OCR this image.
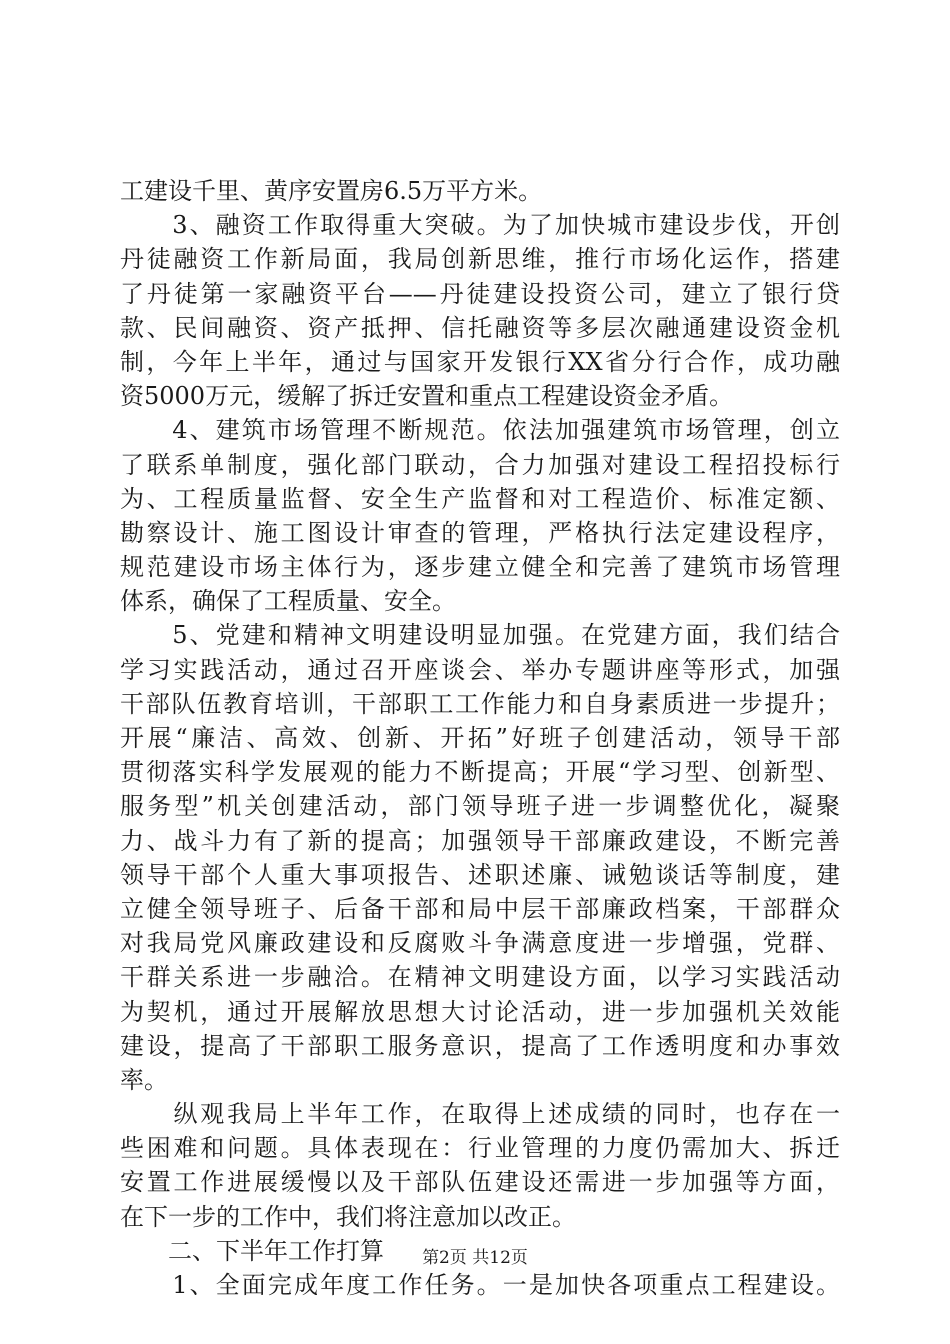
工建设千里、黄序安置房6.5万平方米。
　　3、融资工作取得重大突破。为了加快城市建设步伐，开创
丹徒融资工作新局面，我局创新思维，推行市场化运作，搭建
了丹徒第一家融资平台——丹徒建设投资公司，建立了银行贷
款、民间融资、资产抵押、信托融资等多层次融通建设资金机
制，今年上半年，通过与国家开发银行XX省分行合作，成功融
资5000万元，缓解了拆迁安置和重点工程建设资金矛盾。
　　4、建筑市场管理不断规范。依法加强建筑市场管理，创立
了联系单制度，强化部门联动，合力加强对建设工程招投标行
为、工程质量监督、安全生产监督和对工程造价、标准定额、
勘察设计、施工图设计审查的管理，严格执行法定建设程序，
规范建设市场主体行为，逐步建立健全和完善了建筑市场管理
体系，确保了工程质量、安全。
　　5、党建和精神文明建设明显加强。在党建方面，我们结合
学习实践活动，通过召开座谈会、举办专题讲座等形式，加强
干部队伍教育培训，干部职工工作能力和自身素质进一步提升；
开展“廉洁、高效、创新、开拓”好班子创建活动，领导干部
贯彻落实科学发展观的能力不断提高；开展“学习型、创新型、
服务型”机关创建活动，部门领导班子进一步调整优化，凝聚
力、战斗力有了新的提高；加强领导干部廉政建设，不断完善
领导干部个人重大事项报告、述职述廉、诫勉谈话等制度，建
立健全领导班子、后备干部和局中层干部廉政档案，干部群众
对我局党风廉政建设和反腐败斗争满意度进一步增强，党群、
干群关系进一步融洽。在精神文明建设方面，以学习实践活动
为契机，通过开展解放思想大讨论活动，进一步加强机关效能
建设，提高了干部职工服务意识，提高了工作透明度和办事效
率。
　　纵观我局上半年工作，在取得上述成绩的同时，也存在一
些困难和问题。具体表现在：行业管理的力度仍需加大、拆迁
安置工作进展缓慢以及干部队伍建设还需进一步加强等方面，
在下一步的工作中，我们将注意加以改正。
　　二、下半年工作打算
　　1、全面完成年度工作任务。一是加快各项重点工程建设。
第2页 共12页
